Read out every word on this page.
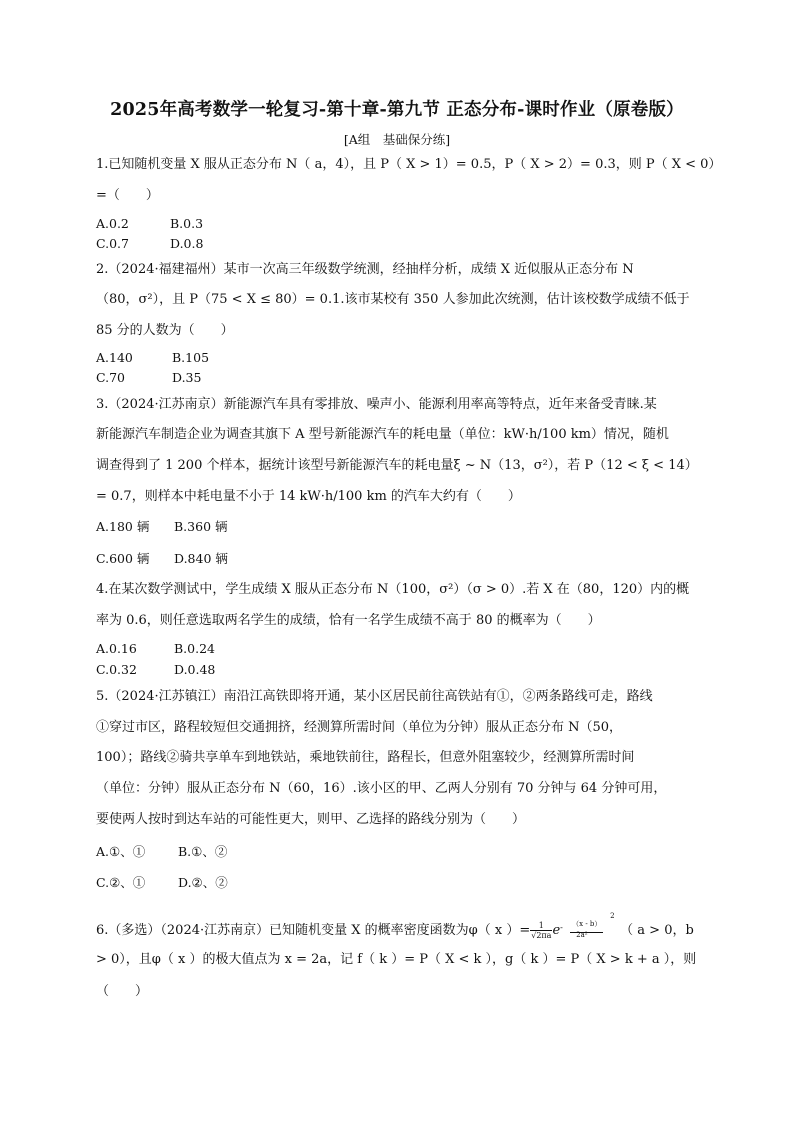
2025年高考数学一轮复习-第十章-第九节 正态分布-课时作业（原卷版）
[A组　基础保分练]
1.已知随机变量 X 服从正态分布 N（ a，4），且 P（ X > 1）= 0.5，P（ X > 2）= 0.3，则 P（ X < 0）
=（　　）
A.0.2	B.0.3
C.0.7	D.0.8
2.（2024·福建福州）某市一次高三年级数学统测，经抽样分析，成绩 X 近似服从正态分布 N
（80，σ²），且 P（75 < X ≤ 80）= 0.1.该市某校有 350 人参加此次统测，估计该校数学成绩不低于
85 分的人数为（　　）
A.140	B.105
C.70	D.35
3.（2024·江苏南京）新能源汽车具有零排放、噪声小、能源利用率高等特点，近年来备受青睐.某
新能源汽车制造企业为调查其旗下 A 型号新能源汽车的耗电量（单位：kW·h/100 km）情况，随机
调查得到了 1 200 个样本，据统计该型号新能源汽车的耗电量ξ ~ N（13，σ²），若 P（12 < ξ < 14）
= 0.7，则样本中耗电量不小于 14 kW·h/100 km 的汽车大约有（　　）
A.180 辆 B.360 辆
C.600 辆 D.840 辆
4.在某次数学测试中，学生成绩 X 服从正态分布 N（100，σ²）（σ > 0）.若 X 在（80，120）内的概
率为 0.6，则任意选取两名学生的成绩，恰有一名学生成绩不高于 80 的概率为（　　）
A.0.16	B.0.24
C.0.32	D.0.48
5.（2024·江苏镇江）南沿江高铁即将开通，某小区居民前往高铁站有①，②两条路线可走，路线
①穿过市区，路程较短但交通拥挤，经测算所需时间（单位为分钟）服从正态分布 N（50，
100）；路线②骑共享单车到地铁站，乘地铁前往，路程长，但意外阻塞较少，经测算所需时间
（单位：分钟）服从正态分布 N（60，16）.该小区的甲、乙两人分别有 70 分钟与 64 分钟可用，
要使两人按时到达车站的可能性更大，则甲、乙选择的路线分别为（　　）
A.①、①	B.①、②
C.②、①	D.②、②
6.（多选）（2024·江苏南京）已知随机变量 X 的概率密度函数为φ（ x ）= $\frac{1}{√2\pi a}$ e - （x - b）
2
2a²	（ a > 0，b
> 0），且φ（ x ）的极大值点为 x = 2a，记 f（ k ）= P（ X < k ），g（ k ）= P（ X > k + a ），则
（　　）
